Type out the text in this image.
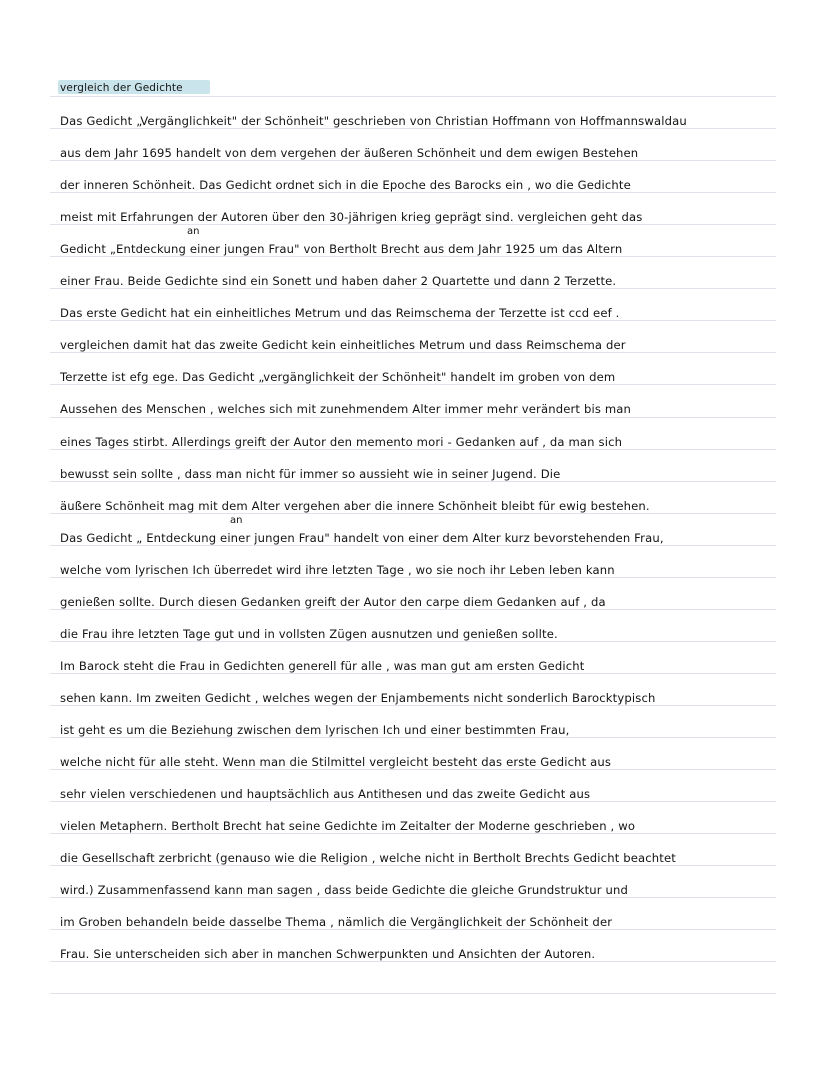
vergleich der Gedichte
Das Gedicht „Vergänglichkeit" der Schönheit" geschrieben von Christian Hoffmann von Hoffmannswaldau
aus dem Jahr 1695 handelt von dem vergehen der äußeren Schönheit und dem ewigen Bestehen
der inneren Schönheit. Das Gedicht ordnet sich in die Epoche des Barocks ein , wo die Gedichte
meist mit Erfahrungen der Autoren über den 30-jährigen krieg geprägt sind. vergleichen geht das
Gedicht „Entdeckung einer jungen Frau" von Bertholt Brecht aus dem Jahr 1925 um das Altern
einer Frau. Beide Gedichte sind ein Sonett und haben daher 2 Quartette und dann 2 Terzette.
Das erste Gedicht hat ein einheitliches Metrum und das Reimschema der Terzette ist ccd eef .
vergleichen damit hat das zweite Gedicht kein einheitliches Metrum und dass Reimschema der
Terzette ist efg ege. Das Gedicht „vergänglichkeit der Schönheit" handelt im groben von dem
Aussehen des Menschen , welches sich mit zunehmendem Alter immer mehr verändert bis man
eines Tages stirbt. Allerdings greift der Autor den memento mori - Gedanken auf , da man sich
bewusst sein sollte , dass man nicht für immer so aussieht wie in seiner Jugend. Die
äußere Schönheit mag mit dem Alter vergehen aber die innere Schönheit bleibt für ewig bestehen.
Das Gedicht „ Entdeckung einer jungen Frau" handelt von einer dem Alter kurz bevorstehenden Frau,
welche vom lyrischen Ich überredet wird ihre letzten Tage , wo sie noch ihr Leben leben kann
genießen sollte. Durch diesen Gedanken greift der Autor den carpe diem Gedanken auf , da
die Frau ihre letzten Tage gut und in vollsten Zügen ausnutzen und genießen sollte.
Im Barock steht die Frau in Gedichten generell für alle , was man gut am ersten Gedicht
sehen kann. Im zweiten Gedicht , welches wegen der Enjambements nicht sonderlich Barocktypisch
ist geht es um die Beziehung zwischen dem lyrischen Ich und einer bestimmten Frau,
welche nicht für alle steht. Wenn man die Stilmittel vergleicht besteht das erste Gedicht aus
sehr vielen verschiedenen und hauptsächlich aus Antithesen und das zweite Gedicht aus
vielen Metaphern. Bertholt Brecht hat seine Gedichte im Zeitalter der Moderne geschrieben , wo
die Gesellschaft zerbricht (genauso wie die Religion , welche nicht in Bertholt Brechts Gedicht beachtet
wird.) Zusammenfassend kann man sagen , dass beide Gedichte die gleiche Grundstruktur und
im Groben behandeln beide dasselbe Thema , nämlich die Vergänglichkeit der Schönheit der
Frau. Sie unterscheiden sich aber in manchen Schwerpunkten und Ansichten der Autoren.
an
an
